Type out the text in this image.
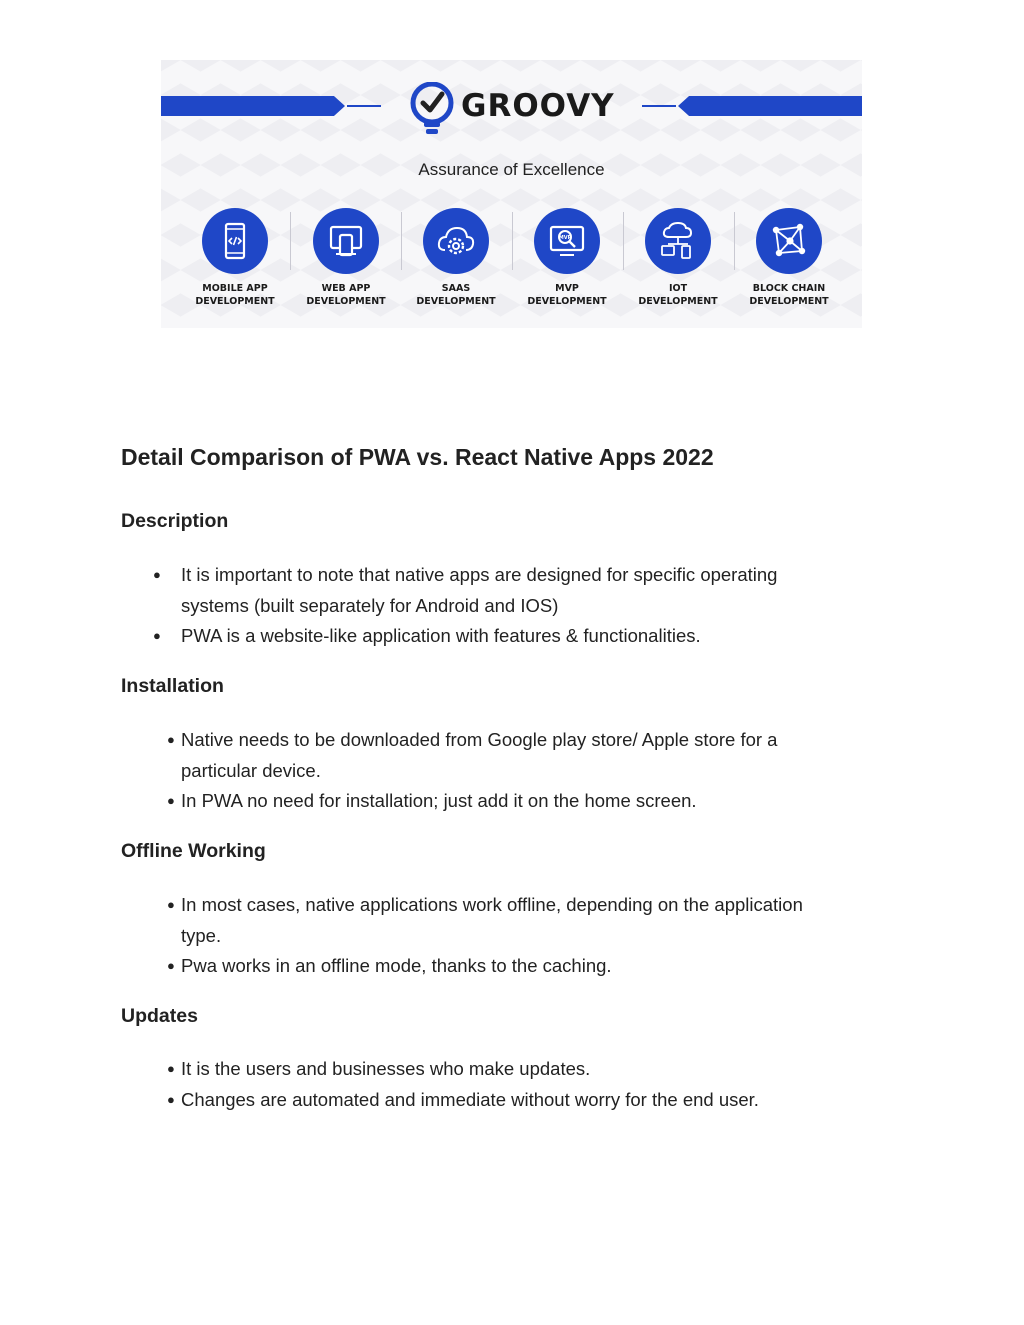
GROOVY
Assurance of Excellence
MOBILE APP
DEVELOPMENT
WEB APP
DEVELOPMENT
SAAS
DEVELOPMENT
MVP
MVP
DEVELOPMENT
IOT
DEVELOPMENT
BLOCK CHAIN
DEVELOPMENT
Detail Comparison of PWA vs. React Native Apps 2022
Description
● It is important to note that native apps are designed for specific operating systems (built separately for Android and IOS)
● PWA is a website-like application with features & functionalities.
Installation
● Native needs to be downloaded from Google play store/ Apple store for a particular device.
● In PWA no need for installation; just add it on the home screen.
Offline Working
● In most cases, native applications work offline, depending on the application type.
● Pwa works in an offline mode, thanks to the caching.
Updates
● It is the users and businesses who make updates.
● Changes are automated and immediate without worry for the end user.
